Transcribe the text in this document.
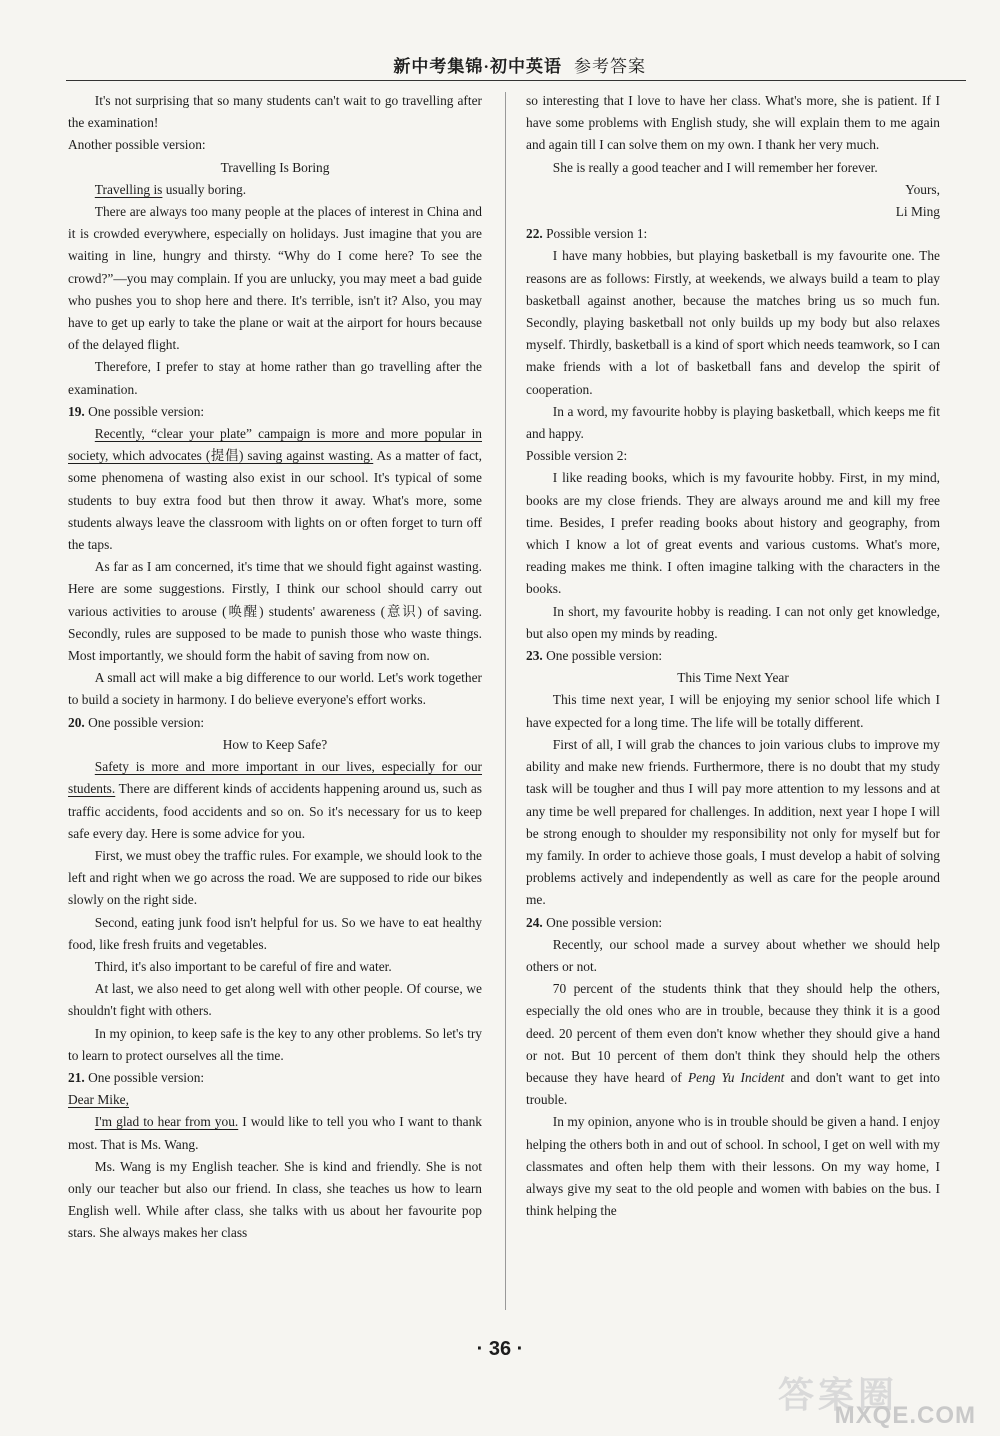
新中考集锦·初中英语 参考答案

It's not surprising that so many students can't wait to go travelling after the examination!

Another possible version:

Travelling Is Boring

Travelling is usually boring.

There are always too many people at the places of interest in China and it is crowded everywhere, especially on holidays. Just imagine that you are waiting in line, hungry and thirsty. “Why do I come here? To see the crowd?”—you may complain. If you are unlucky, you may meet a bad guide who pushes you to shop here and there. It's terrible, isn't it? Also, you may have to get up early to take the plane or wait at the airport for hours because of the delayed flight.

Therefore, I prefer to stay at home rather than go travelling after the examination.

19. One possible version:

Recently, “clear your plate” campaign is more and more popular in society, which advocates (提倡) saving against wasting. As a matter of fact, some phenomena of wasting also exist in our school. It's typical of some students to buy extra food but then throw it away. What's more, some students always leave the classroom with lights on or often forget to turn off the taps.

As far as I am concerned, it's time that we should fight against wasting. Here are some suggestions. Firstly, I think our school should carry out various activities to arouse (唤醒) students' awareness (意识) of saving. Secondly, rules are supposed to be made to punish those who waste things. Most importantly, we should form the habit of saving from now on.

A small act will make a big difference to our world. Let's work together to build a society in harmony. I do believe everyone's effort works.

20. One possible version:

How to Keep Safe?

Safety is more and more important in our lives, especially for our students. There are different kinds of accidents happening around us, such as traffic accidents, food accidents and so on. So it's necessary for us to keep safe every day. Here is some advice for you.

First, we must obey the traffic rules. For example, we should look to the left and right when we go across the road. We are supposed to ride our bikes slowly on the right side.

Second, eating junk food isn't helpful for us. So we have to eat healthy food, like fresh fruits and vegetables.

Third, it's also important to be careful of fire and water.

At last, we also need to get along well with other people. Of course, we shouldn't fight with others.

In my opinion, to keep safe is the key to any other problems. So let's try to learn to protect ourselves all the time.

21. One possible version:

Dear Mike,

I'm glad to hear from you. I would like to tell you who I want to thank most. That is Ms. Wang.

Ms. Wang is my English teacher. She is kind and friendly. She is not only our teacher but also our friend. In class, she teaches us how to learn English well. While after class, she talks with us about her favourite pop stars. She always makes her class

so interesting that I love to have her class. What's more, she is patient. If I have some problems with English study, she will explain them to me again and again till I can solve them on my own. I thank her very much.

She is really a good teacher and I will remember her forever.

Yours,

Li Ming

22. Possible version 1:

I have many hobbies, but playing basketball is my favourite one. The reasons are as follows: Firstly, at weekends, we always build a team to play basketball against another, because the matches bring us so much fun. Secondly, playing basketball not only builds up my body but also relaxes myself. Thirdly, basketball is a kind of sport which needs teamwork, so I can make friends with a lot of basketball fans and develop the spirit of cooperation.

In a word, my favourite hobby is playing basketball, which keeps me fit and happy.

Possible version 2:

I like reading books, which is my favourite hobby. First, in my mind, books are my close friends. They are always around me and kill my free time. Besides, I prefer reading books about history and geography, from which I know a lot of great events and various customs. What's more, reading makes me think. I often imagine talking with the characters in the books.

In short, my favourite hobby is reading. I can not only get knowledge, but also open my minds by reading.

23. One possible version:

This Time Next Year

This time next year, I will be enjoying my senior school life which I have expected for a long time. The life will be totally different.

First of all, I will grab the chances to join various clubs to improve my ability and make new friends. Furthermore, there is no doubt that my study task will be tougher and thus I will pay more attention to my lessons and at any time be well prepared for challenges. In addition, next year I hope I will be strong enough to shoulder my responsibility not only for myself but for my family. In order to achieve those goals, I must develop a habit of solving problems actively and independently as well as care for the people around me.

24. One possible version:

Recently, our school made a survey about whether we should help others or not.

70 percent of the students think that they should help the others, especially the old ones who are in trouble, because they think it is a good deed. 20 percent of them even don't know whether they should give a hand or not. But 10 percent of them don't think they should help the others because they have heard of Peng Yu Incident and don't want to get into trouble.

In my opinion, anyone who is in trouble should be given a hand. I enjoy helping the others both in and out of school. In school, I get on well with my classmates and often help them with their lessons. On my way home, I always give my seat to the old people and women with babies on the bus. I think helping the

· 36 ·
答案圈
MXQE.COM
